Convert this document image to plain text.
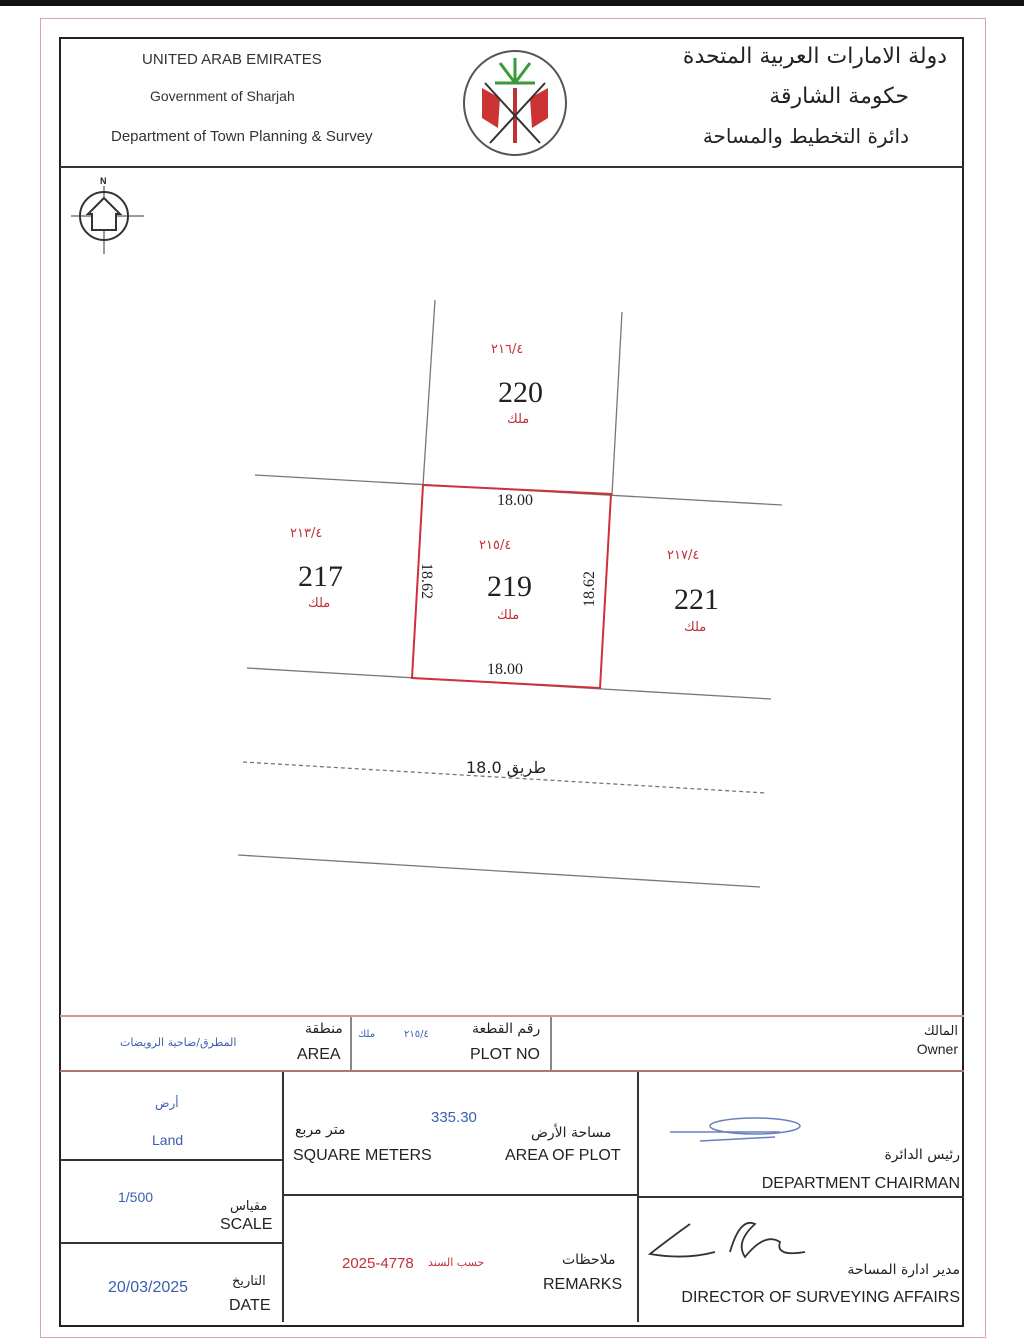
UNITED ARAB EMIRATES
Government of Sharjah
Department of Town Planning & Survey
دولة الامارات العربية المتحدة
حكومة الشارقة
دائرة التخطيط والمساحة
N
٢١٦/٤
220
ملك
٢١٣/٤
217
ملك
٢١٥/٤
219
ملك
٢١٧/٤
221
ملك
18.00
18.00
18.62	18.62
طريق 18.0
المطرق/ضاحية الرويضات
منطقة
AREA
ملك	٢١٥/٤	رقم القطعة
PLOT NO
المالك
Owner
أرض
Land
1/500
مقياس
SCALE
20/03/2025	التاريخ
DATE
335.30
متر مربع
SQUARE METERS
مساحة الأرض
AREA OF PLOT
2025-4778 حسب السند	ملاحظات
REMARKS
رئيس الدائرة
DEPARTMENT CHAIRMAN
مدير ادارة المساحة
DIRECTOR OF SURVEYING AFFAIRS
